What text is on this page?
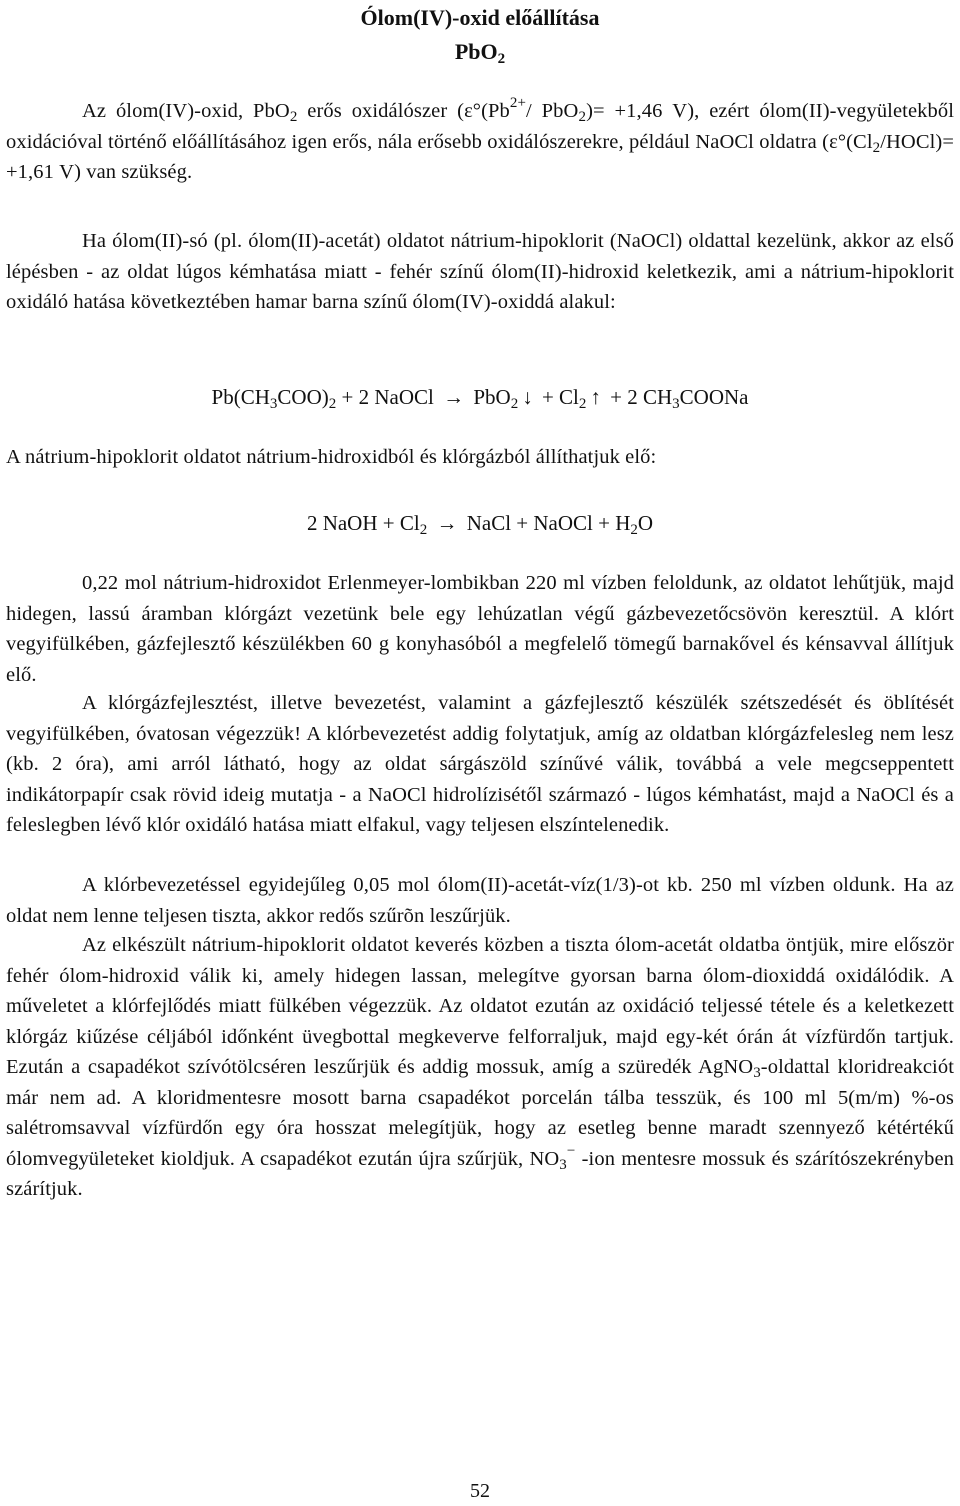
Ólom(IV)-oxid előállítása
PbO$_2$
Az ólom(IV)-oxid, PbO$_2$ erős oxidálószer ($\varepsilon^\circ(Pb^{2+}/$ PbO$_2$)= +1,46 V), ezért ólom(II)-vegyületekből oxidációval történő előállításához igen erős, nála erősebb oxidálószerekre, például NaOCl oldatra ($\varepsilon^\circ(Cl_2/HOCl)= +1,61$ V) van szükség.
Ha ólom(II)-só (pl. ólom(II)-acetát) oldatot nátrium-hipoklorit (NaOCl) oldattal kezelünk, akkor az első lépésben - az oldat lúgos kémhatása miatt - fehér színű ólom(II)-hidroxid keletkezik, ami a nátrium-hipoklorit oxidáló hatása következtében hamar barna színű ólom(IV)-oxiddá alakul:
$Pb(CH_3COO)_2 + 2$ NaOCl → PbO$_2$ ↓ + $Cl_2$ ↑ + 2 $CH_3COONa$
A nátrium-hipoklorit oldatot nátrium-hidroxidból és klórgázból állíthatjuk elő:
2 NaOH + $Cl_2$ → NaCl + NaOCl + $H_2O$
0,22 mol nátrium-hidroxidot Erlenmeyer-lombikban 220 ml vízben feloldunk, az oldatot lehűtjük, majd hidegen, lassú áramban klórgázt vezetünk bele egy lehúzatlan végű gázbevezetőcsövön keresztül. A klórt vegyifülkében, gázfejlesztő készülékben 60 g konyhasóból a megfelelő tömegű barnakővel és kénsavval állítjuk elő.
A klórgázfejlesztést, illetve bevezetést, valamint a gázfejlesztő készülék szétszedését és öblítését vegyifülkében, óvatosan végezzük! A klórbevezetést addig folytatjuk, amíg az oldatban klórgázfelesleg nem lesz (kb. 2 óra), ami arról látható, hogy az oldat sárgászöld színűvé válik, továbbá a vele megcseppentett indikátorpapír csak rövid ideig mutatja - a NaOCl hidrolízisétől származó - lúgos kémhatást, majd a NaOCl és a feleslegben lévő klór oxidáló hatása miatt elfakul, vagy teljesen elszíntelenedik.
A klórbevezetéssel egyidejűleg 0,05 mol ólom(II)-acetát-víz(1/3)-ot kb. 250 ml vízben oldunk. Ha az oldat nem lenne teljesen tiszta, akkor redős szűrõn leszűrjük.
Az elkészült nátrium-hipoklorit oldatot keverés közben a tiszta ólom-acetát oldatba öntjük, mire először fehér ólom-hidroxid válik ki, amely hidegen lassan, melegítve gyorsan barna ólom-dioxiddá oxidálódik. A műveletet a klórfejlődés miatt fülkében végezzük. Az oldatot ezután az oxidáció teljessé tétele és a keletkezett klórgáz kiűzése céljából időnként üvegbottal megkeverve felforraljuk, majd egy-két órán át vízfürdőn tartjuk. Ezután a csapadékot szívótölcséren leszűrjük és addig mossuk, amíg a szüredék AgNO$_3$-oldattal kloridreakciót már nem ad. A kloridmentesre mosott barna csapadékot porcelán tálba tesszük, és 100 ml 5(m/m) %-os salétromsavval vízfürdőn egy óra hosszat melegítjük, hogy az esetleg benne maradt szennyező kétértékű ólomvegyületeket kioldjuk. A csapadékot ezután újra szűrjük, $NO_3^-$ -ion mentesre mossuk és szárítószekrényben szárítjuk.
52
